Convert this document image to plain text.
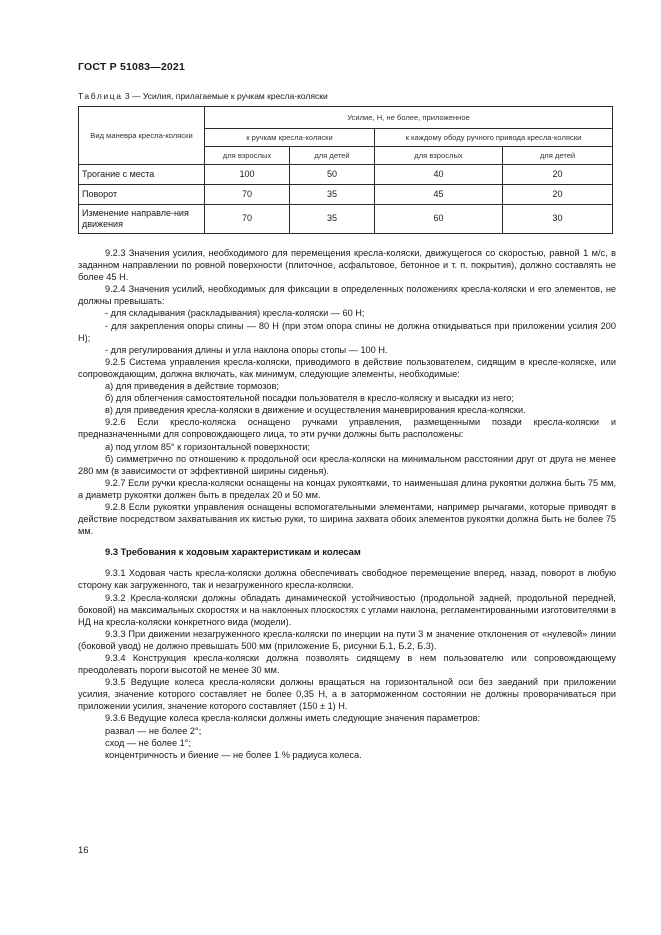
ГОСТ Р 51083—2021
Таблица 3 — Усилия, прилагаемые к ручкам кресла-коляски
Вид маневра кресла-коляски	Усилие, Н, не более, приложенное			
	к ручкам кресла-коляски		к каждому ободу ручного привода кресла-коляски	
	для взрослых	для детей	для взрослых	для детей
Трогание с места	100	50	40	20
Поворот	70	35	45	20
Изменение направле-ния движения	70	35	60	30

9.2.3 Значения усилия, необходимого для перемещения кресла-коляски, движущегося со скоростью, равной 1 м/с, в заданном направлении по ровной поверхности (плиточное, асфальтовое, бетонное и т. п. покрытия), должно составлять не более 45 Н.

9.2.4 Значения усилий, необходимых для фиксации в определенных положениях кресла-коляски и его элементов, не должны превышать:

- для складывания (раскладывания) кресла-коляски — 60 Н;

- для закрепления опоры спины — 80 Н (при этом опора спины не должна откидываться при приложении усилия 200 Н);

- для регулирования длины и угла наклона опоры стопы — 100 Н.

9.2.5 Система управления кресла-коляски, приводимого в действие пользователем, сидящим в кресле-коляске, или сопровождающим, должна включать, как минимум, следующие элементы, необходимые:

а) для приведения в действие тормозов;

б) для облегчения самостоятельной посадки пользователя в кресло-коляску и высадки из него;

в) для приведения кресла-коляски в движение и осуществления маневрирования кресла-коляски.

9.2.6 Если кресло-коляска оснащено ручками управления, размещенными позади кресла-коляски и предназначенными для сопровождающего лица, то эти ручки должны быть расположены:

а) под углом 85° к горизонтальной поверхности;

б) симметрично по отношению к продольной оси кресла-коляски на минимальном расстоянии друг от друга не менее 280 мм (в зависимости от эффективной ширины сиденья).

9.2.7 Если ручки кресла-коляски оснащены на концах рукоятками, то наименьшая длина рукоятки должна быть 75 мм, а диаметр рукоятки должен быть в пределах 20 и 50 мм.

9.2.8 Если рукоятки управления оснащены вспомогательными элементами, например рычагами, которые приводят в действие посредством захватывания их кистью руки, то ширина захвата обоих элементов рукоятки должна быть не более 75 мм.

9.3 Требования к ходовым характеристикам и колесам

9.3.1 Ходовая часть кресла-коляски должна обеспечивать свободное перемещение вперед, назад, поворот в любую сторону как загруженного, так и незагруженного кресла-коляски.

9.3.2 Кресла-коляски должны обладать динамической устойчивостью (продольной задней, продольной передней, боковой) на максимальных скоростях и на наклонных плоскостях с углами наклона, регламентированными изготовителями в НД на кресла-коляски конкретного вида (модели).

9.3.3 При движении незагруженного кресла-коляски по инерции на пути 3 м значение отклонения от «нулевой» линии (боковой увод) не должно превышать 500 мм (приложение Б, рисунки Б.1, Б.2, Б.3).

9.3.4 Конструкция кресла-коляски должна позволять сидящему в нем пользователю или сопровождающему преодолевать пороги высотой не менее 30 мм.

9.3.5 Ведущие колеса кресла-коляски должны вращаться на горизонтальной оси без заеданий при приложении усилия, значение которого составляет не более 0,35 Н, а в заторможенном состоянии не должны проворачиваться при приложении усилия, значение которого составляет (150 ± 1) Н.

9.3.6 Ведущие колеса кресла-коляски должны иметь следующие значения параметров:

развал — не более 2°;

сход — не более 1°;

концентричность и биение — не более 1 % радиуса колеса.

16
